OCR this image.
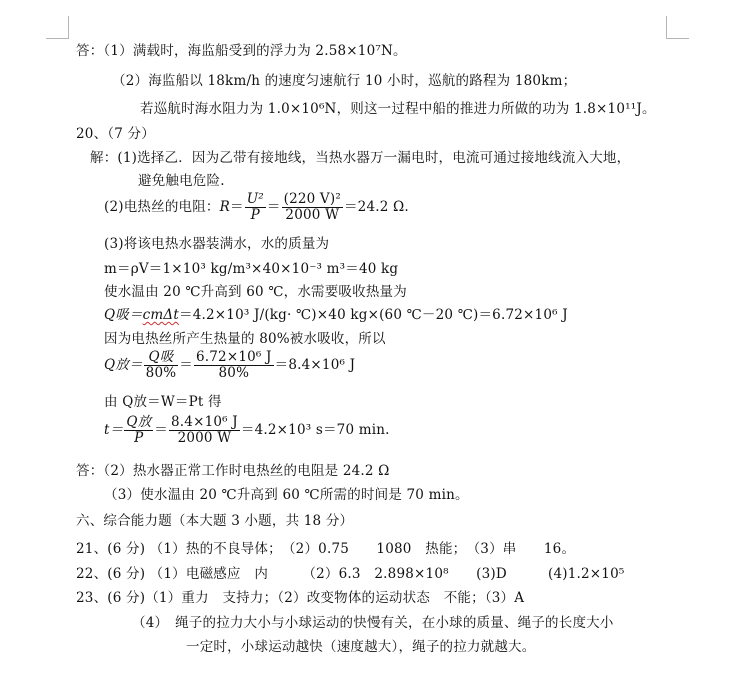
答：（1）满载时，海监船受到的浮力为 2.58×10⁷N。
（2）海监船以 18km/h 的速度匀速航行 10 小时，巡航的路程为 180km；
若巡航时海水阻力为 1.0×10⁶N，则这一过程中船的推进力所做的功为 1.8×10¹¹J。
20、（7 分）
解：(1)选择乙．因为乙带有接地线，当热水器万一漏电时，电流可通过接地线流入大地，
避免触电危险.
(2)电热丝的电阻：$R= \frac{\text{U²}}{P} = \frac{\text{(220 V)²}}{2000 W} =24.2$ Ω.
(3)将该电热水器装满水，水的质量为
m＝ρV＝1×10³ kg/m³×40×10⁻³ m³＝40 kg
使水温由 20 ℃升高到 60 ℃，水需要吸收热量为
Q吸＝cmΔt＝4.2×10³ J/(kg· ℃)×40 kg×(60 ℃－20 ℃)＝6.72×10⁶ J
因为电热丝所产生热量的 80%被水吸收，所以
Q放＝ $\frac{\text{Q吸}}{80\%} = \frac{\text{6.72×10⁶ J}}{80\%} =8.4\times 10^6$ J
由 Q放＝W＝Pt 得
$t= \frac{\text{Q放}}{P} = \frac{\text{8.4×10⁶ J}}{2000 W} =4.2\times 10^3$ s＝70 min.
答：（2）热水器正常工作时电热丝的电阻是 24.2 Ω
（3）使水温由 20 ℃升高到 60 ℃所需的时间是 70 min。
六、综合能力题（本大题 3 小题，共 18 分）
21、(6 分) （1）热的不良导体；　（2）0.75　　1080　热能；　（3）串　　16。
22、(6 分) （1）电磁感应　内　　　（2）6.3　2.898×10⁸　　(3)D　　　(4)1.2×10⁵
23、(6 分)（1）重力　支持力；（2）改变物体的运动状态　不能；（3）A
（4）　绳子的拉力大小与小球运动的快慢有关，在小球的质量、绳子的长度大小
一定时，小球运动越快（速度越大），绳子的拉力就越大。
